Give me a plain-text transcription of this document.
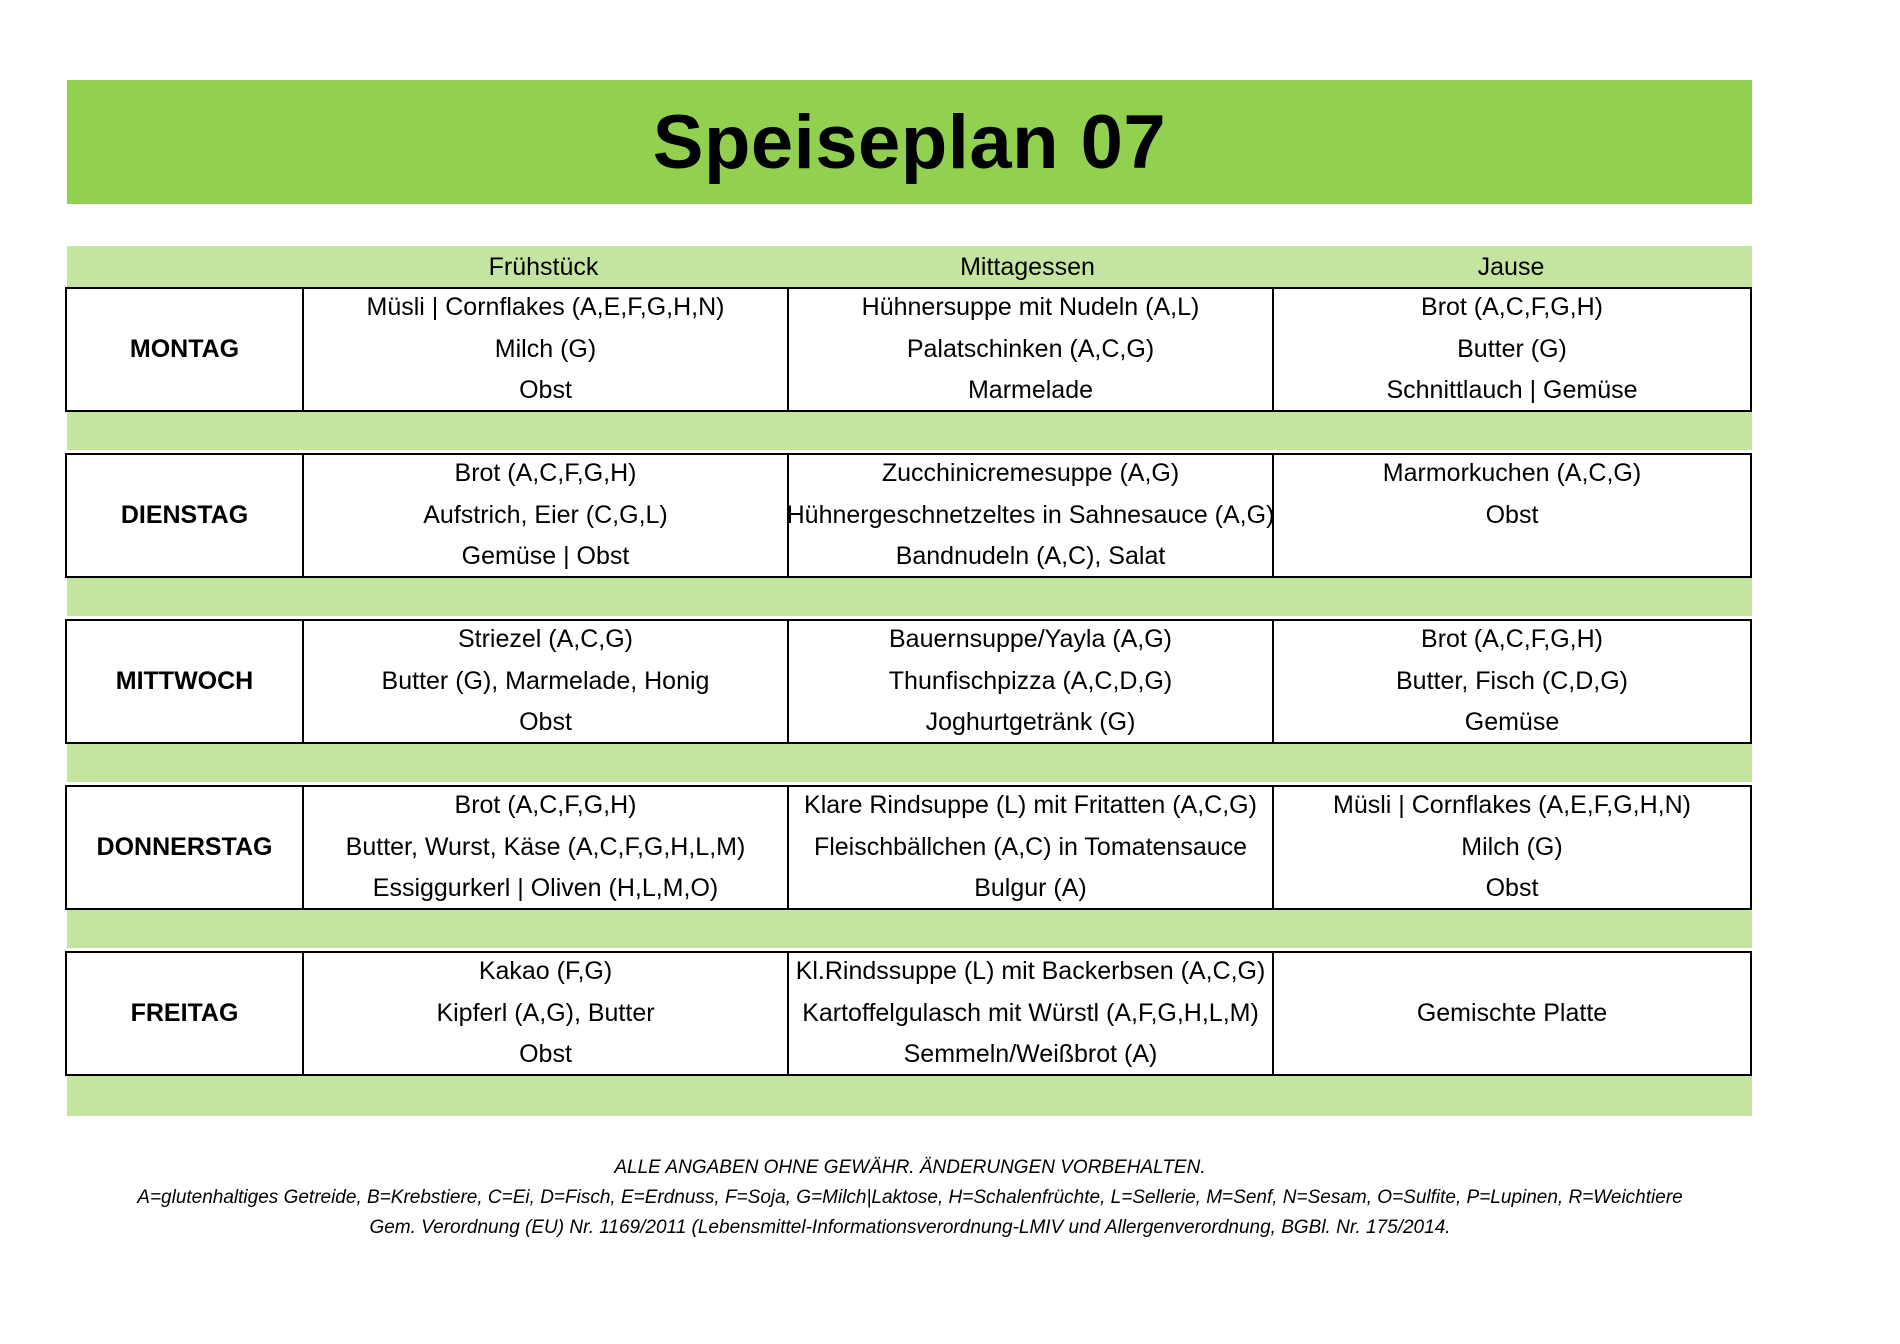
Speiseplan 07
Frühstück	Mittagessen	Jause
MONTAG
Müsli | Cornflakes (A,E,F,G,H,N)
Milch (G)
Obst
Hühnersuppe mit Nudeln (A,L)
Palatschinken (A,C,G)
Marmelade
Brot (A,C,F,G,H)
Butter (G)
Schnittlauch | Gemüse
DIENSTAG
Brot (A,C,F,G,H)
Aufstrich, Eier (C,G,L)
Gemüse | Obst
Zucchinicremesuppe (A,G)
Hühnergeschnetzeltes in Sahnesauce (A,G)
Bandnudeln (A,C), Salat
Marmorkuchen (A,C,G)
Obst

MITTWOCH
Striezel (A,C,G)
Butter (G), Marmelade, Honig
Obst
Bauernsuppe/Yayla (A,G)
Thunfischpizza (A,C,D,G)
Joghurtgetränk (G)
Brot (A,C,F,G,H)
Butter, Fisch (C,D,G)
Gemüse
DONNERSTAG
Brot (A,C,F,G,H)
Butter, Wurst, Käse (A,C,F,G,H,L,M)
Essiggurkerl | Oliven (H,L,M,O)
Klare Rindsuppe (L) mit Fritatten (A,C,G)
Fleischbällchen (A,C) in Tomatensauce
Bulgur (A)
Müsli | Cornflakes (A,E,F,G,H,N)
Milch (G)
Obst
FREITAG
Kakao (F,G)
Kipferl (A,G), Butter
Obst
Kl.Rindssuppe (L) mit Backerbsen (A,C,G)
Kartoffelgulasch mit Würstl (A,F,G,H,L,M)
Semmeln/Weißbrot (A)

Gemischte Platte

ALLE ANGABEN OHNE GEWÄHR. ÄNDERUNGEN VORBEHALTEN.
A=glutenhaltiges Getreide, B=Krebstiere, C=Ei, D=Fisch, E=Erdnuss, F=Soja, G=Milch|Laktose, H=Schalenfrüchte, L=Sellerie, M=Senf, N=Sesam, O=Sulfite, P=Lupinen, R=Weichtiere
Gem. Verordnung (EU) Nr. 1169/2011 (Lebensmittel-Informationsverordnung-LMIV und Allergenverordnung, BGBl. Nr. 175/2014.
